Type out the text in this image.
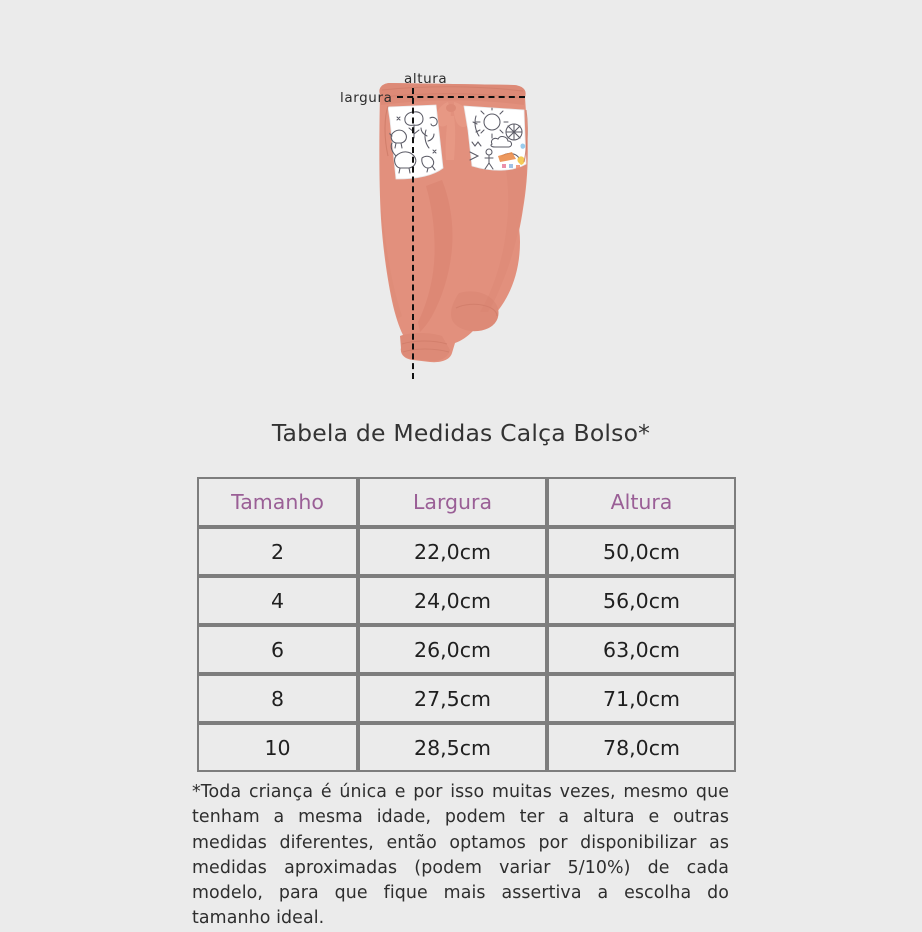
altura
largura
Tabela de Medidas Calça Bolso*
Tamanho	Largura	Altura
2	22,0cm	50,0cm
4	24,0cm	56,0cm
6	26,0cm	63,0cm
8	27,5cm	71,0cm
10	28,5cm	78,0cm
*Toda criança é única e por isso muitas vezes, mesmo que tenham a mesma idade, podem ter a altura e outras medidas diferentes, então optamos por disponibilizar as medidas aproximadas (podem variar 5/10%) de cada modelo, para que fique mais assertiva a escolha do tamanho ideal.
